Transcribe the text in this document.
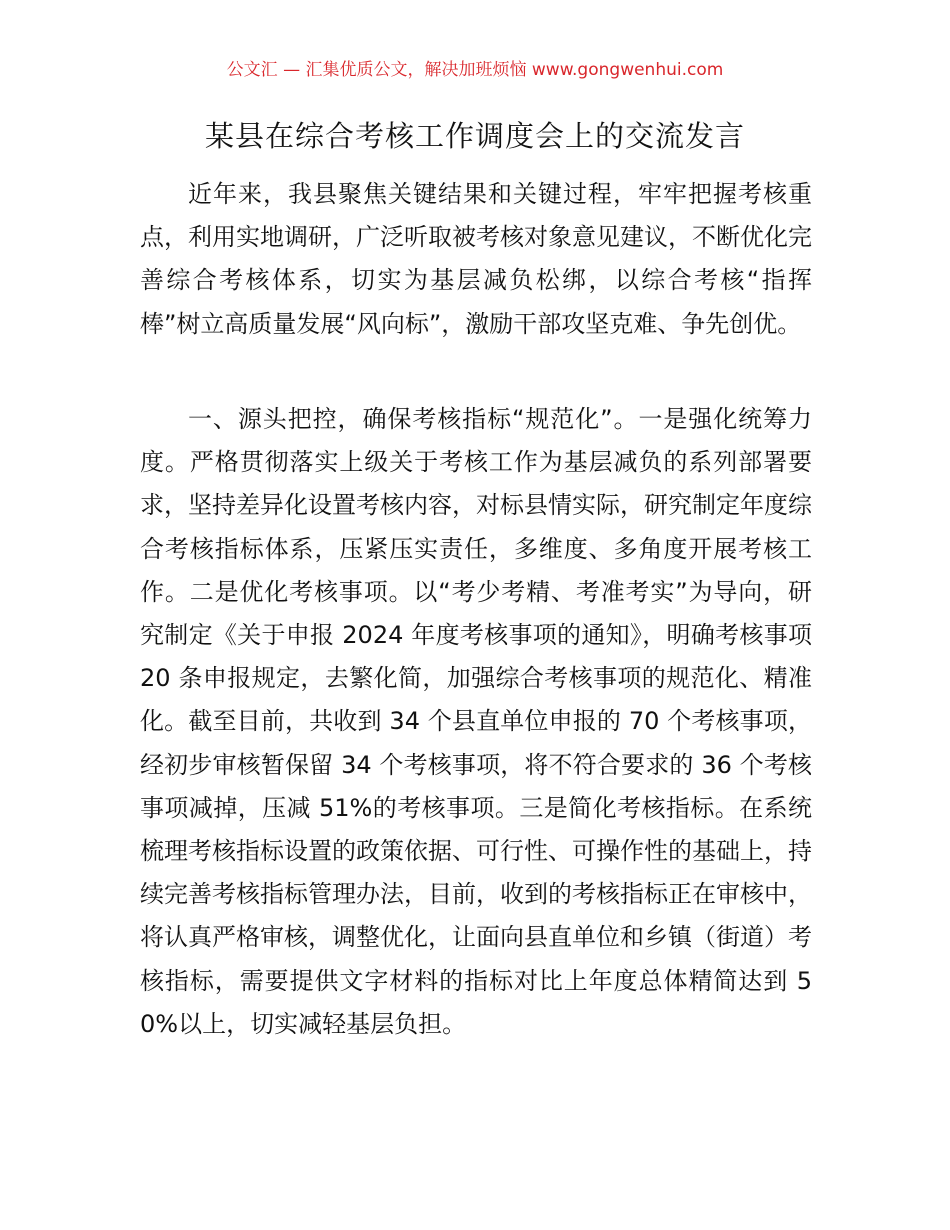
公文汇 — 汇集优质公文，解决加班烦恼 www.gongwenhui.com
某县在综合考核工作调度会上的交流发言

近年来，我县聚焦关键结果和关键过程，牢牢把握考核重点，利用实地调研，广泛听取被考核对象意见建议，不断优化完善综合考核体系，切实为基层减负松绑，以综合考核“指挥棒”树立高质量发展“风向标”，激励干部攻坚克难、争先创优。

一、源头把控，确保考核指标“规范化”。一是强化统筹力度。严格贯彻落实上级关于考核工作为基层减负的系列部署要求，坚持差异化设置考核内容，对标县情实际，研究制定年度综合考核指标体系，压紧压实责任，多维度、多角度开展考核工作。二是优化考核事项。以“考少考精、考准考实”为导向，研究制定《关于申报 2024 年度考核事项的通知》，明确考核事项 20 条申报规定，去繁化简，加强综合考核事项的规范化、精准化。截至目前，共收到 34 个县直单位申报的 70 个考核事项，经初步审核暂保留 34 个考核事项，将不符合要求的 36 个考核事项减掉，压减 51%的考核事项。三是简化考核指标。在系统梳理考核指标设置的政策依据、可行性、可操作性的基础上，持续完善考核指标管理办法，目前，收到的考核指标正在审核中，将认真严格审核，调整优化，让面向县直单位和乡镇（街道）考核指标，需要提供文字材料的指标对比上年度总体精简达到 50%以上，切实减轻基层负担。
